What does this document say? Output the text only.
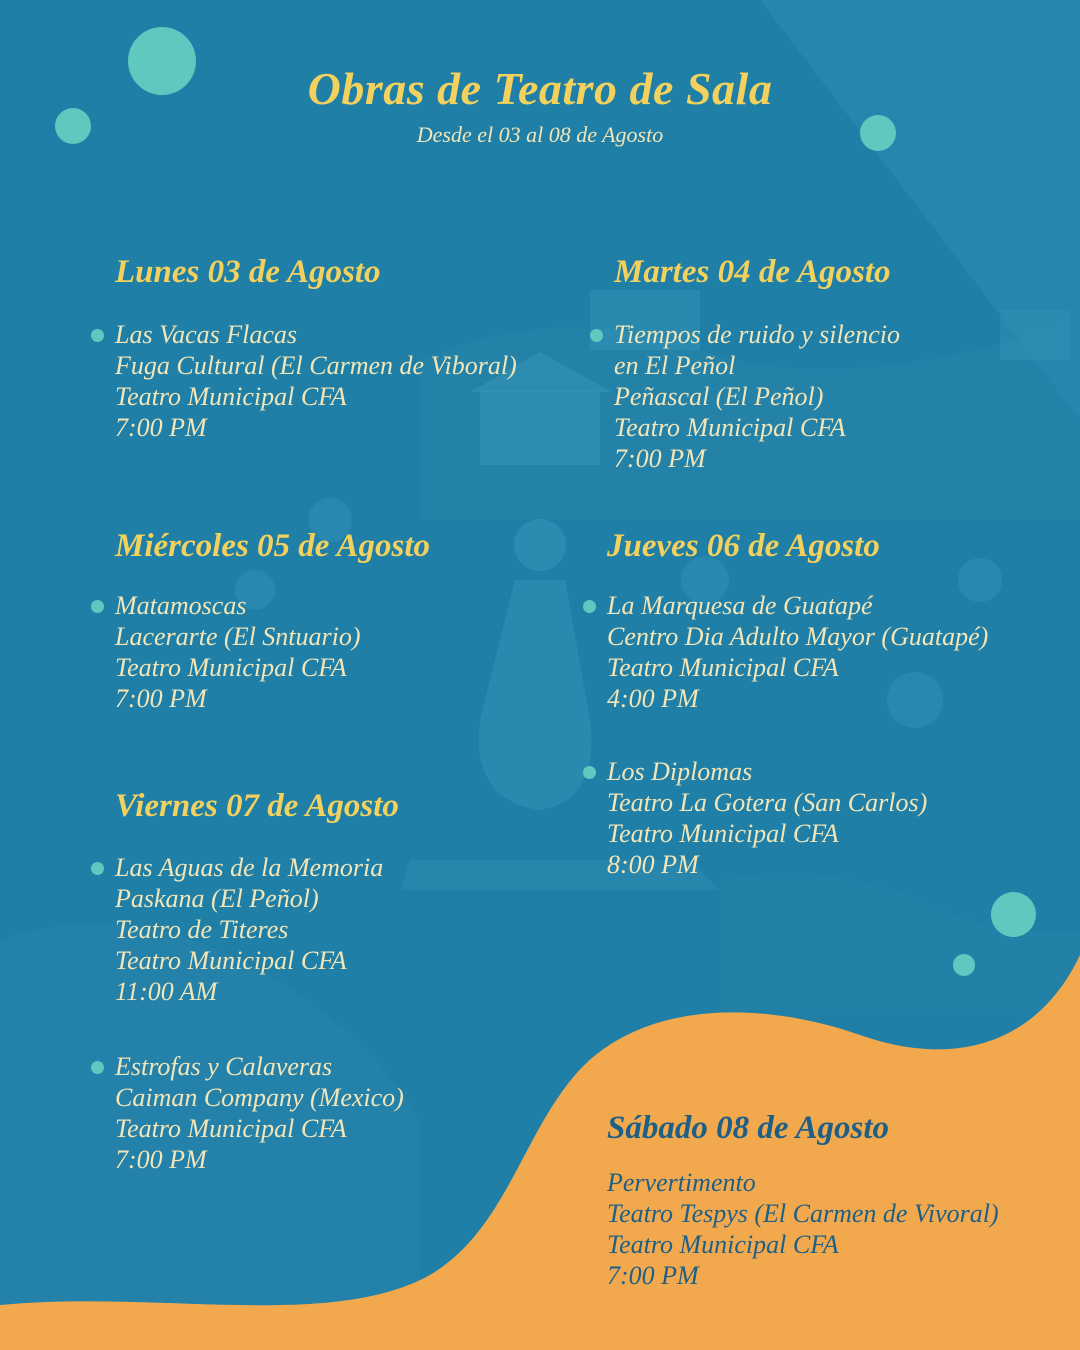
Obras de Teatro de Sala
Desde el 03 al 08 de Agosto
Lunes 03 de Agosto
Las Vacas Flacas
Fuga Cultural (El Carmen de Viboral)
Teatro Municipal CFA
7:00 PM
Martes 04 de Agosto
Tiempos de ruido y silencio
en El Peñol
Peñascal (El Peñol)
Teatro Municipal CFA
7:00 PM
Miércoles 05 de Agosto
Matamoscas
Lacerarte (El Sntuario)
Teatro Municipal CFA
7:00 PM
Jueves 06 de Agosto
La Marquesa de Guatapé
Centro Dia Adulto Mayor (Guatapé)
Teatro Municipal CFA
4:00 PM
Los Diplomas
Teatro La Gotera (San Carlos)
Teatro Municipal CFA
8:00 PM
Viernes 07 de Agosto
Las Aguas de la Memoria
Paskana (El Peñol)
Teatro de Titeres
Teatro Municipal CFA
11:00 AM
Estrofas y Calaveras
Caiman Company (Mexico)
Teatro Municipal CFA
7:00 PM
Sábado 08 de Agosto
Pervertimento
Teatro Tespys (El Carmen de Vivoral)
Teatro Municipal CFA
7:00 PM
